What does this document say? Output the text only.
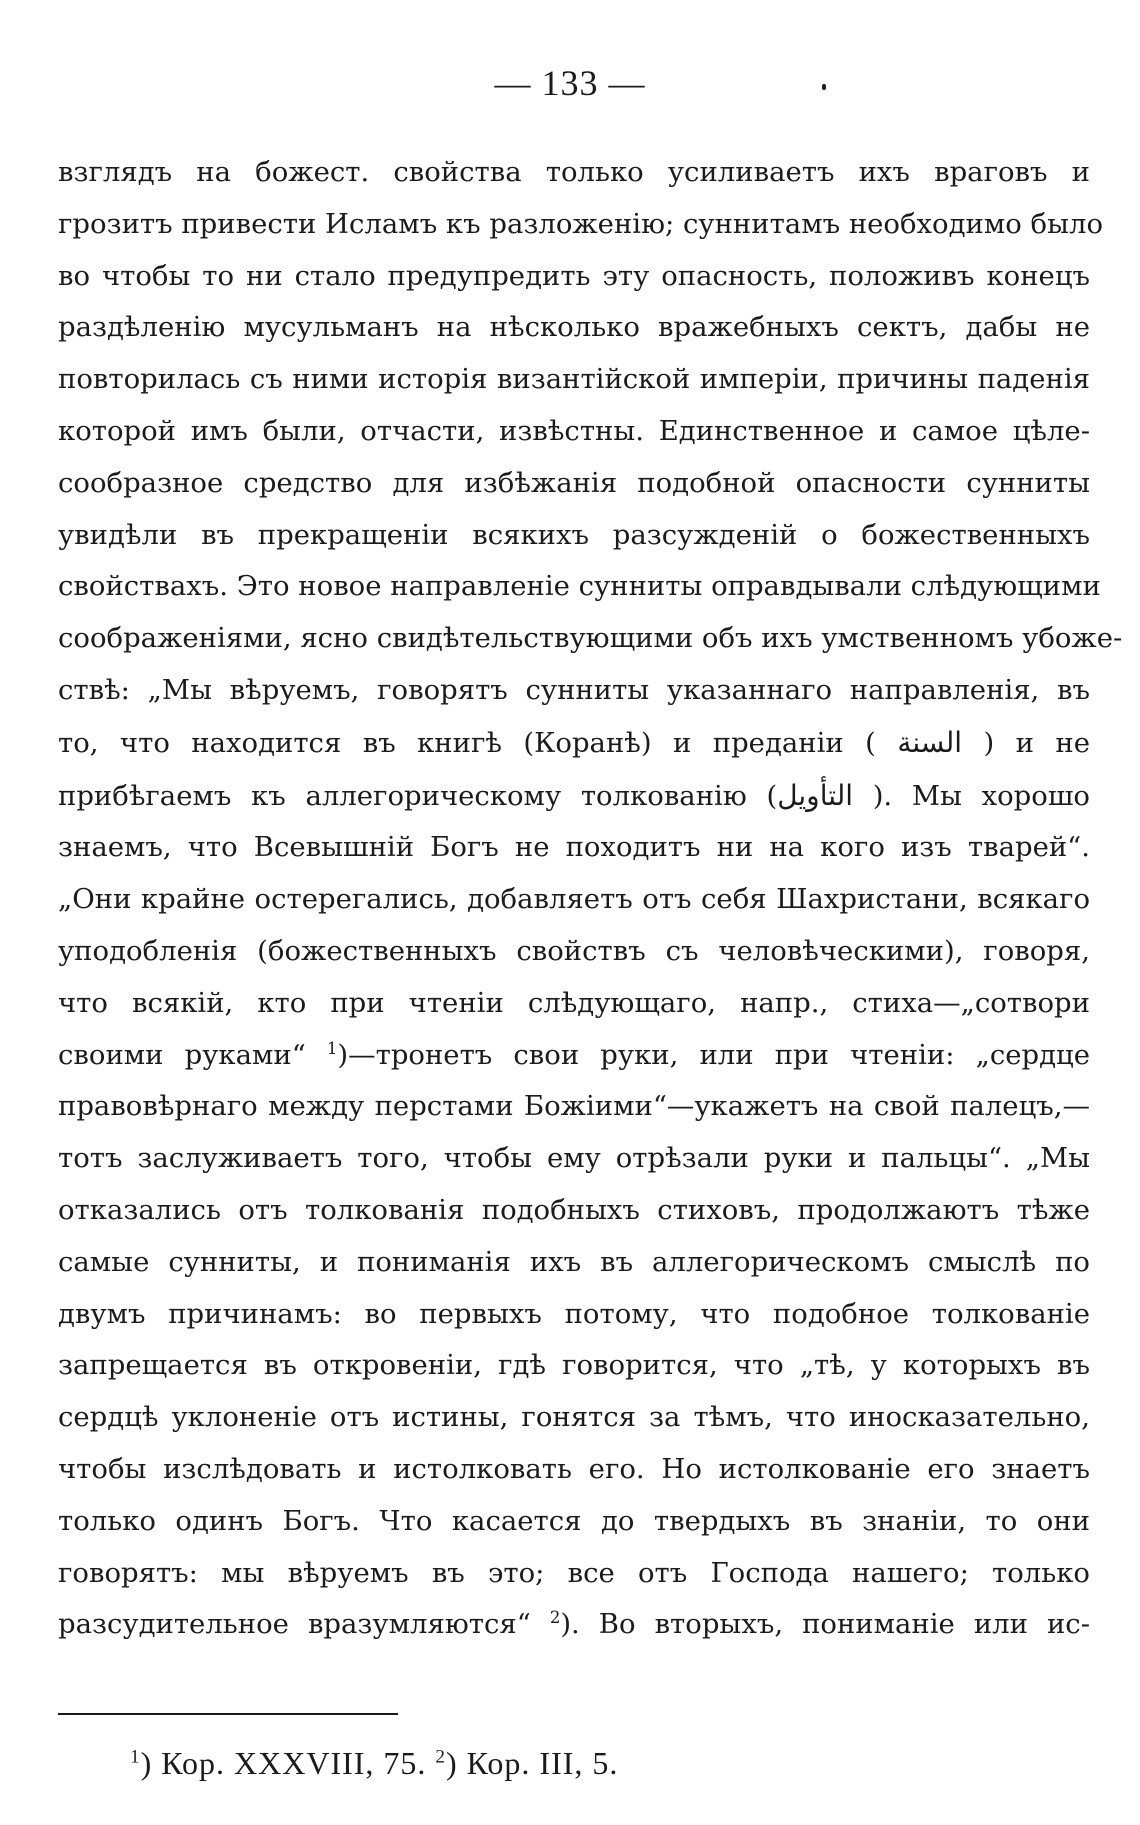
— 133 —
взглядъ на божест. свойства только усиливаетъ ихъ враговъ и
грозитъ привести Исламъ къ разложенію; суннитамъ необходимо было
во чтобы то ни стало предупредить эту опасность, положивъ конецъ
раздѣленію мусульманъ на нѣсколько вражебныхъ сектъ, дабы не
повторилась съ ними исторія византійской имперіи, причины паденія
которой имъ были, отчасти, извѣстны. Единственное и самое цѣле-
сообразное средство для избѣжанія подобной опасности сунниты
увидѣли въ прекращеніи всякихъ разсужденій о божественныхъ
свойствахъ. Это новое направленіе сунниты оправдывали слѣдующими
соображеніями, ясно свидѣтельствующими объ ихъ умственномъ убоже-
ствѣ: „Мы вѣруемъ, говорятъ сунниты указаннаго направленія, въ
то, что находится въ книгѣ (Коранѣ) и преданіи ( السنة ) и не
прибѣгаемъ къ аллегорическому толкованію (التأويل ). Мы хорошо
знаемъ, что Всевышній Богъ не походитъ ни на кого изъ тварей“.
„Они крайне остерегались, добавляетъ отъ себя Шахристани, всякаго
уподобленія (божественныхъ свойствъ съ человѣческими), говоря,
что всякій, кто при чтеніи слѣдующаго, напр., стиха—„сотвори
своими руками“ $^1$)—тронетъ свои руки, или при чтеніи: „сердце
правовѣрнаго между перстами Божіими“—укажетъ на свой палецъ,—
тотъ заслуживаетъ того, чтобы ему отрѣзали руки и пальцы“. „Мы
отказались отъ толкованія подобныхъ стиховъ, продолжаютъ тѣже
самые сунниты, и пониманія ихъ въ аллегорическомъ смыслѣ по
двумъ причинамъ: во первыхъ потому, что подобное толкованіе
запрещается въ откровеніи, гдѣ говорится, что „тѣ, у которыхъ въ
сердцѣ уклоненіе отъ истины, гонятся за тѣмъ, что иносказательно,
чтобы изслѣдовать и истолковать его. Но истолкованіе его знаетъ
только одинъ Богъ. Что касается до твердыхъ въ знаніи, то они
говорятъ: мы вѣруемъ въ это; все отъ Господа нашего; только
разсудительное вразумляются“ $^2$). Во вторыхъ, пониманіе или ис-
$^1$) Кор. XXXVIII, 75. $^2$) Кор. III, 5.
